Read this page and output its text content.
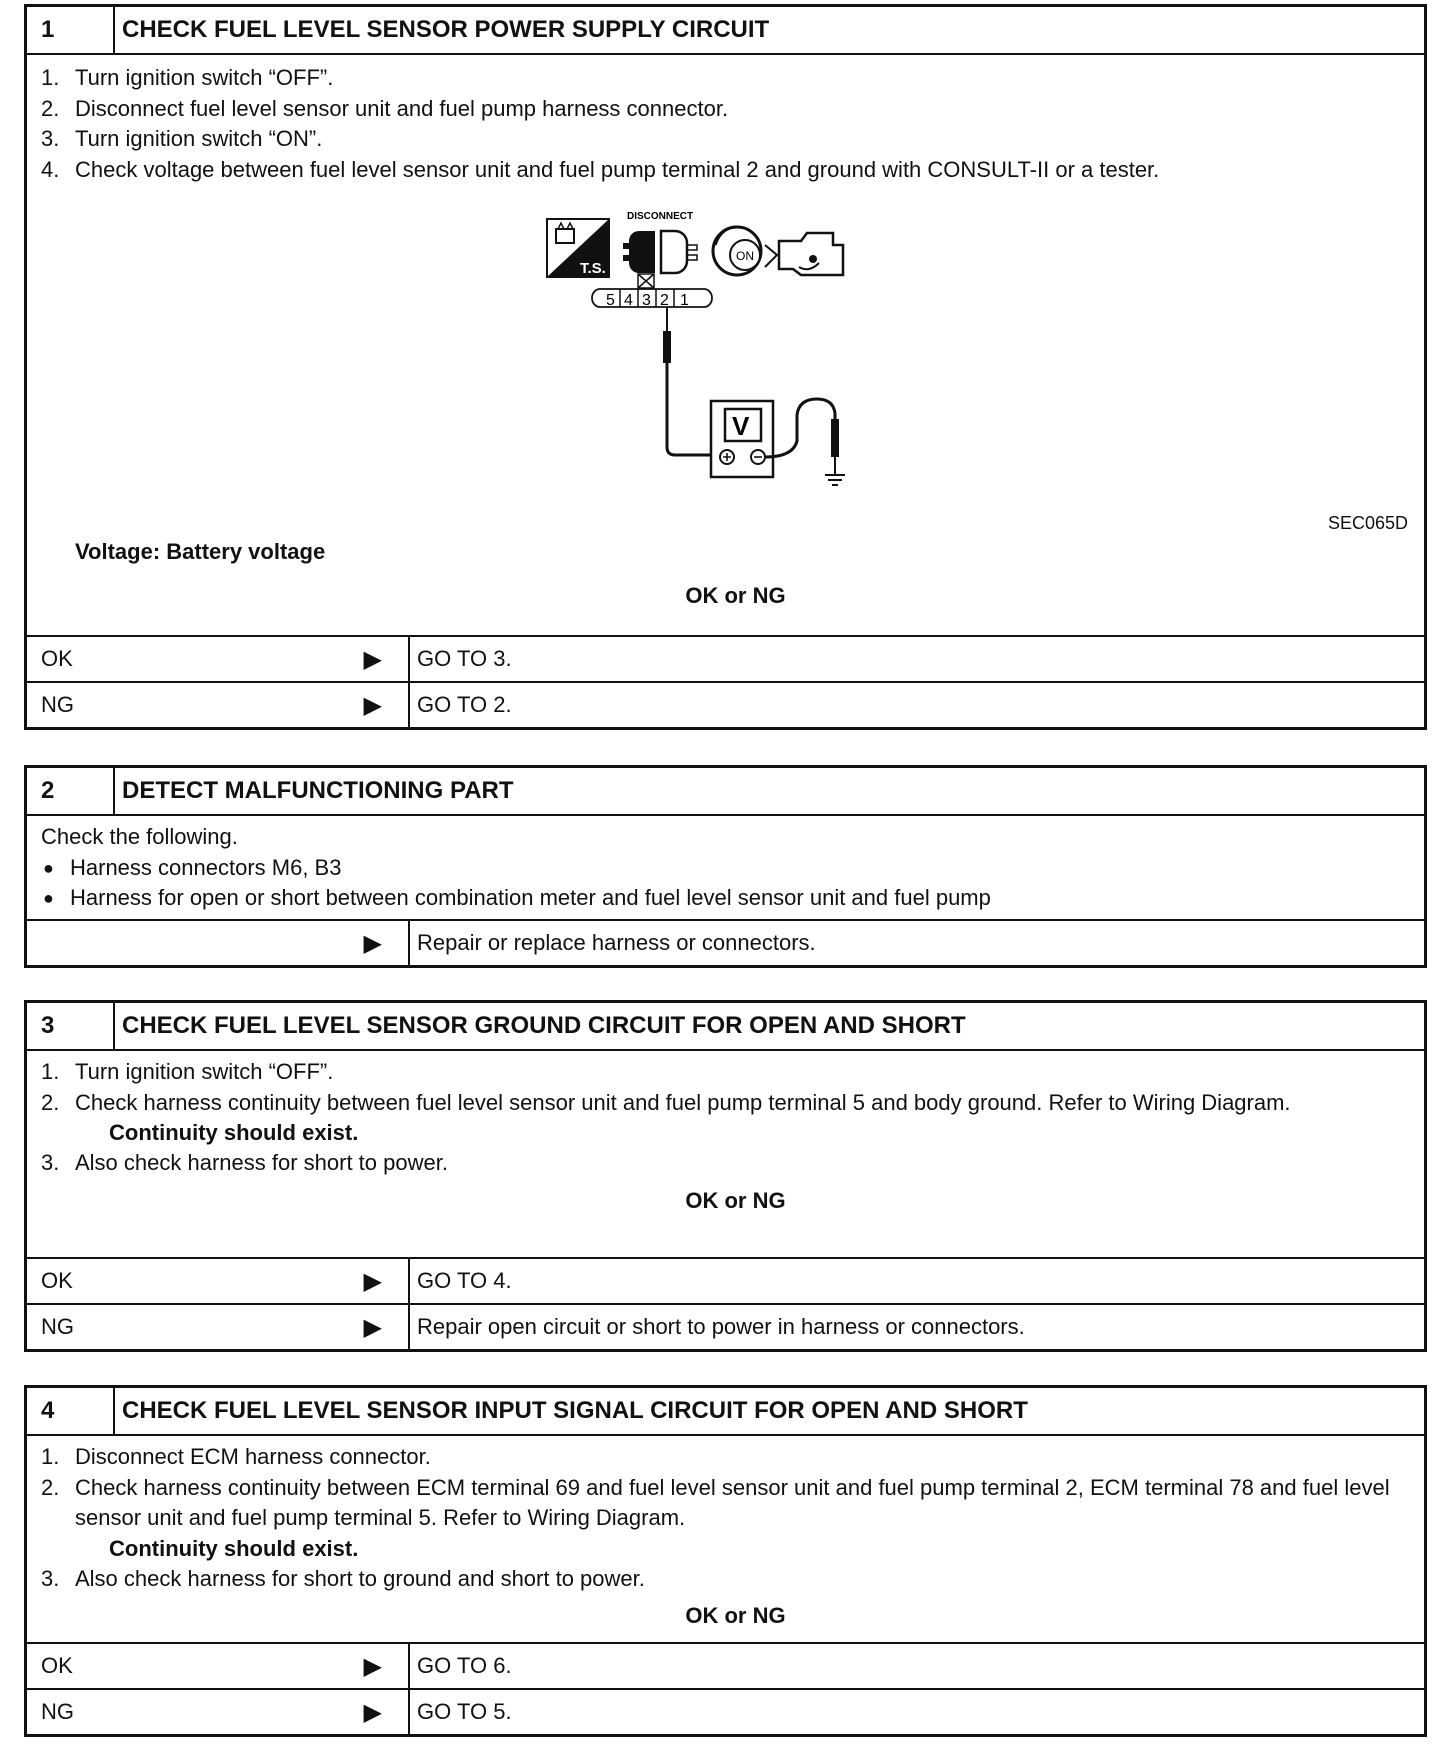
1	CHECK FUEL LEVEL SENSOR POWER SUPPLY CIRCUIT
1. Turn ignition switch “OFF”.
2. Disconnect fuel level sensor unit and fuel pump harness connector.
3. Turn ignition switch “ON”.
4. Check voltage between fuel level sensor unit and fuel pump terminal 2 and ground with CONSULT-II or a tester.
T.S.
DISCONNECT
ON
5 4 3 2 1
V
SEC065D
Voltage: Battery voltage
OK or NG
OK	▶	GO TO 3.
NG	▶	GO TO 2.
2	DETECT MALFUNCTIONING PART
Check the following.
● Harness connectors M6, B3
● Harness for open or short between combination meter and fuel level sensor unit and fuel pump
▶	Repair or replace harness or connectors.
3	CHECK FUEL LEVEL SENSOR GROUND CIRCUIT FOR OPEN AND SHORT
1. Turn ignition switch “OFF”.
2. Check harness continuity between fuel level sensor unit and fuel pump terminal 5 and body ground. Refer to Wiring Diagram.
Continuity should exist.
3. Also check harness for short to power.
OK or NG
OK	▶	GO TO 4.
NG	▶	Repair open circuit or short to power in harness or connectors.
4	CHECK FUEL LEVEL SENSOR INPUT SIGNAL CIRCUIT FOR OPEN AND SHORT
1. Disconnect ECM harness connector.
2. Check harness continuity between ECM terminal 69 and fuel level sensor unit and fuel pump terminal 2, ECM terminal 78 and fuel level sensor unit and fuel pump terminal 5. Refer to Wiring Diagram.
Continuity should exist.
3. Also check harness for short to ground and short to power.
OK or NG
OK	▶	GO TO 6.
NG	▶	GO TO 5.
